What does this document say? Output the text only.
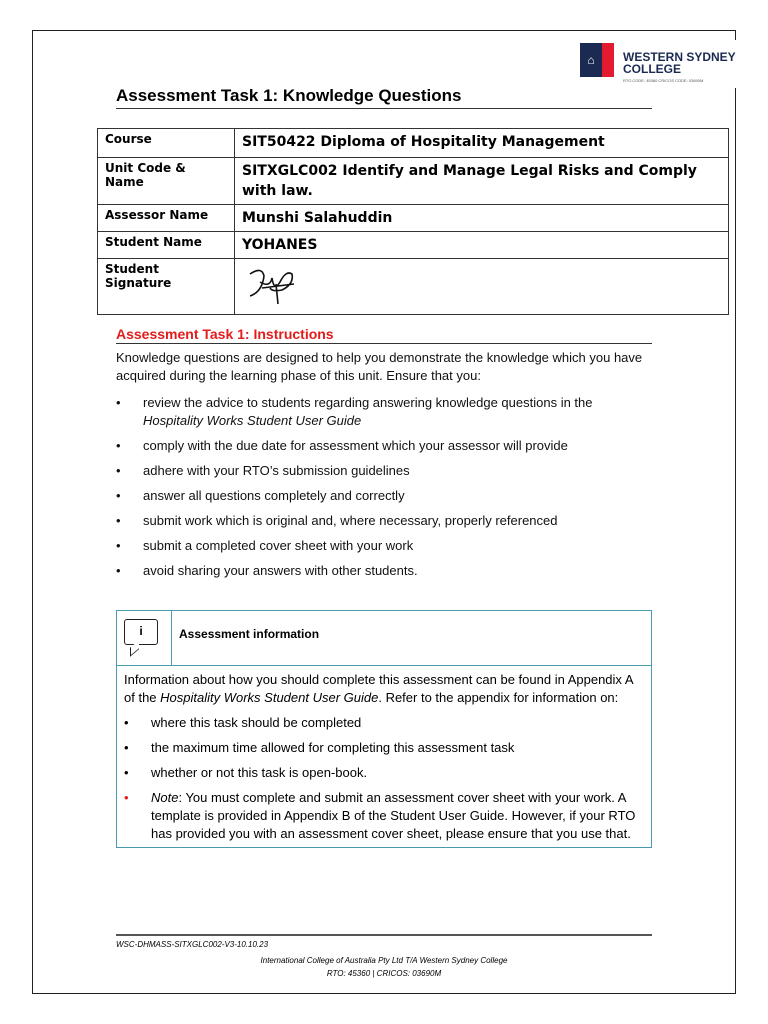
⌂	WESTERN SYDNEY
COLLEGE
RTO CODE: 45360 CRICOS CODE: 03690M
Assessment Task 1: Knowledge Questions
Course	SIT50422 Diploma of Hospitality Management
Unit Code & Name	SITXGLC002 Identify and Manage Legal Risks and Comply with law.
Assessor Name	Munshi Salahuddin
Student Name	YOHANES
Student Signature	
Assessment Task 1: Instructions
Knowledge questions are designed to help you demonstrate the knowledge which you have acquired during the learning phase of this unit. Ensure that you:
• review the advice to students regarding answering knowledge questions in the
Hospitality Works Student User Guide
• comply with the due date for assessment which your assessor will provide
• adhere with your RTO’s submission guidelines
• answer all questions completely and correctly
• submit work which is original and, where necessary, properly referenced
• submit a completed cover sheet with your work
• avoid sharing your answers with other students.
i	Assessment information
Information about how you should complete this assessment can be found in Appendix A of the Hospitality Works Student User Guide. Refer to the appendix for information on:
• where this task should be completed
• the maximum time allowed for completing this assessment task
• whether or not this task is open-book.
• Note: You must complete and submit an assessment cover sheet with your work. A template is provided in Appendix B of the Student User Guide. However, if your RTO has provided you with an assessment cover sheet, please ensure that you use that.
WSC-DHMASS-SITXGLC002-V3-10.10.23
International College of Australia Pty Ltd T/A Western Sydney College
RTO: 45360 | CRICOS: 03690M
